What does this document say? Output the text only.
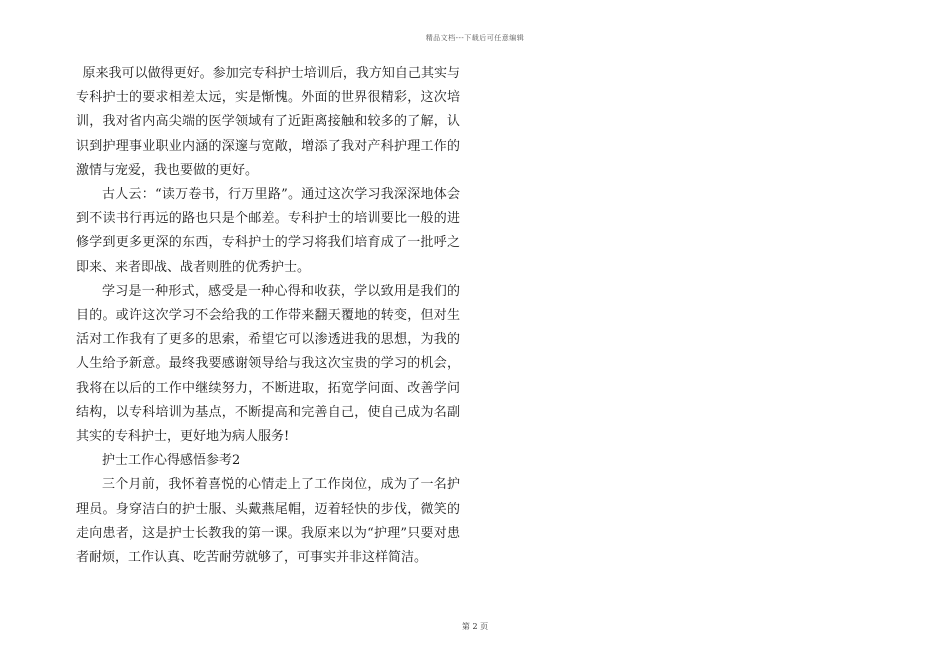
精品文档---下载后可任意编辑

原来我可以做得更好。参加完专科护士培训后，我方知自己其实与专科护士的要求相差太远，实是惭愧。外面的世界很精彩，这次培训，我对省内高尖端的医学领域有了近距离接触和较多的了解，认识到护理事业职业内涵的深邃与宽敞，增添了我对产科护理工作的激情与宠爱，我也要做的更好。

古人云：“读万卷书，行万里路”。通过这次学习我深深地体会到不读书行再远的路也只是个邮差。专科护士的培训要比一般的进修学到更多更深的东西，专科护士的学习将我们培育成了一批呼之即来、来者即战、战者则胜的优秀护士。

学习是一种形式，感受是一种心得和收获，学以致用是我们的目的。或许这次学习不会给我的工作带来翻天覆地的转变，但对生活对工作我有了更多的思索，希望它可以渗透进我的思想，为我的人生给予新意。最终我要感谢领导给与我这次宝贵的学习的机会，我将在以后的工作中继续努力，不断进取，拓宽学问面、改善学问结构，以专科培训为基点，不断提高和完善自己，使自己成为名副其实的专科护士，更好地为病人服务!

护士工作心得感悟参考2

三个月前，我怀着喜悦的心情走上了工作岗位，成为了一名护理员。身穿洁白的护士服、头戴燕尾帽，迈着轻快的步伐，微笑的走向患者，这是护士长教我的第一课。我原来以为“护理”只要对患者耐烦，工作认真、吃苦耐劳就够了，可事实并非这样简洁。

第 2 页
